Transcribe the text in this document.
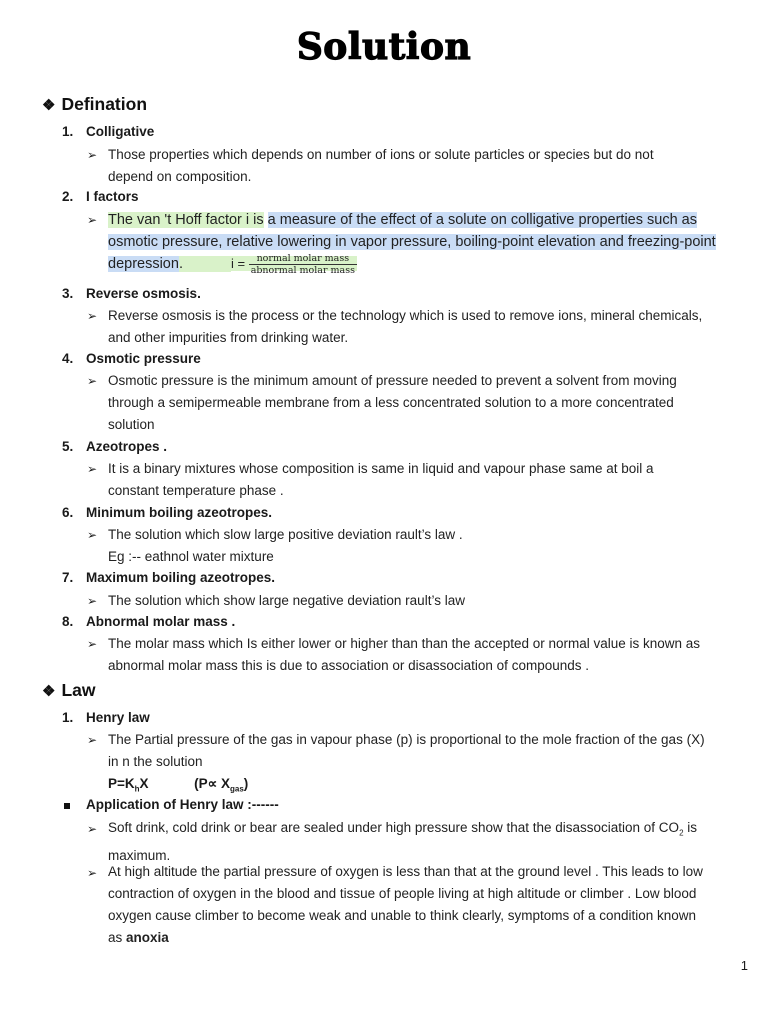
Solution
❖ Defination
1. Colligative
➢ Those properties which depends on number of ions or solute particles or species but do not
depend on composition.
2. I factors
➢ The van 't Hoff factor i is a measure of the effect of a solute on colligative properties such as
osmotic pressure, relative lowering in vapor pressure, boiling-point elevation and freezing-point
depression.	$i = \frac{\text{normal molar mass}}{\text{abnormal molar mass}}$
3. Reverse osmosis.
➢ Reverse osmosis is the process or the technology which is used to remove ions, mineral chemicals,
and other impurities from drinking water.
4. Osmotic pressure
➢ Osmotic pressure is the minimum amount of pressure needed to prevent a solvent from moving
through a semipermeable membrane from a less concentrated solution to a more concentrated
solution
5. Azeotropes .
➢ It is a binary mixtures whose composition is same in liquid and vapour phase same at boil a
constant temperature phase .
6. Minimum boiling azeotropes.
➢ The solution which slow large positive deviation rault’s law .
Eg :-- eathnol water mixture
7. Maximum boiling azeotropes.
➢ The solution which show large negative deviation rault’s law
8. Abnormal molar mass .
➢ The molar mass which Is either lower or higher than than the accepted or normal value is known as
abnormal molar mass this is due to association or disassociation of compounds .
❖ Law
1. Henry law
➢ The Partial pressure of the gas in vapour phase (p) is proportional to the mole fraction of the gas (X)
in n the solution
$P=K_hX$	$(P\propto X_{gas})$
Application of Henry law :------
➢ Soft drink, cold drink or bear are sealed under high pressure show that the disassociation of $CO_2$ is
maximum.
➢ At high altitude the partial pressure of oxygen is less than that at the ground level . This leads to low
contraction of oxygen in the blood and tissue of people living at high altitude or climber . Low blood
oxygen cause climber to become weak and unable to think clearly, symptoms of a condition known
as anoxia
1
